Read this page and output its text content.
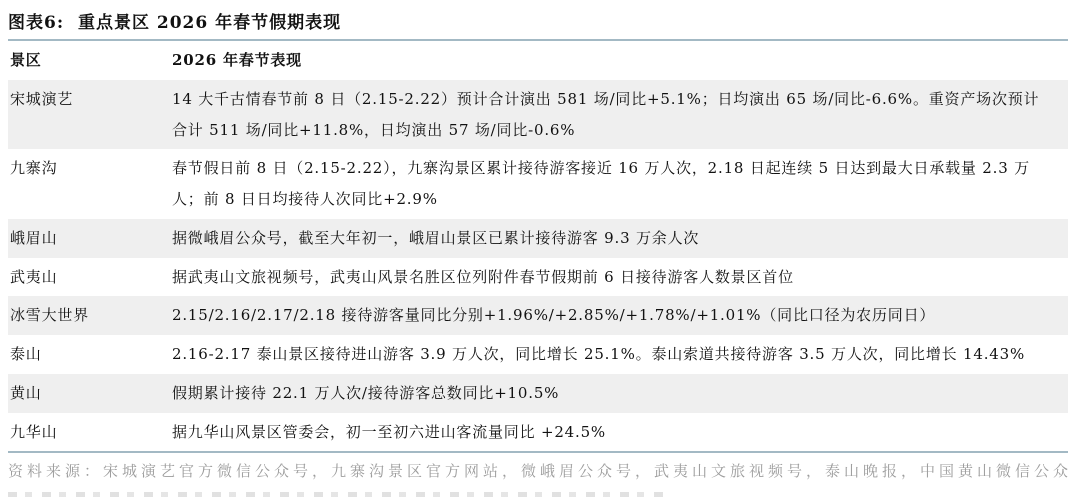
图表6:  重点景区 2026 年春节假期表现
景区	2026 年春节表现
宋城演艺	14 大千古情春节前 8 日（2.15-2.22）预计合计演出 581 场/同比+5.1%；日均演出 65 场/同比-6.6%。重资产场次预计合计 511 场/同比+11.8%，日均演出 57 场/同比-0.6%
九寨沟	春节假日前 8 日（2.15-2.22），九寨沟景区累计接待游客接近 16 万人次，2.18 日起连续 5 日达到最大日承载量 2.3 万人；前 8 日日均接待人次同比+2.9%
峨眉山	据微峨眉公众号，截至大年初一，峨眉山景区已累计接待游客 9.3 万余人次
武夷山	据武夷山文旅视频号，武夷山风景名胜区位列附件春节假期前 6 日接待游客人数景区首位
冰雪大世界	2.15/2.16/2.17/2.18 接待游客量同比分别+1.96%/+2.85%/+1.78%/+1.01%（同比口径为农历同日）
泰山	2.16-2.17 泰山景区接待进山游客 3.9 万人次，同比增长 25.1%。泰山索道共接待游客 3.5 万人次，同比增长 14.43%
黄山	假期累计接待 22.1 万人次/接待游客总数同比+10.5%
九华山	据九华山风景区管委会，初一至初六进山客流量同比 +24.5%
资料来源：宋城演艺官方微信公众号，九寨沟景区官方网站，微峨眉公众号，武夷山文旅视频号，泰山晚报，中国黄山微信公众
